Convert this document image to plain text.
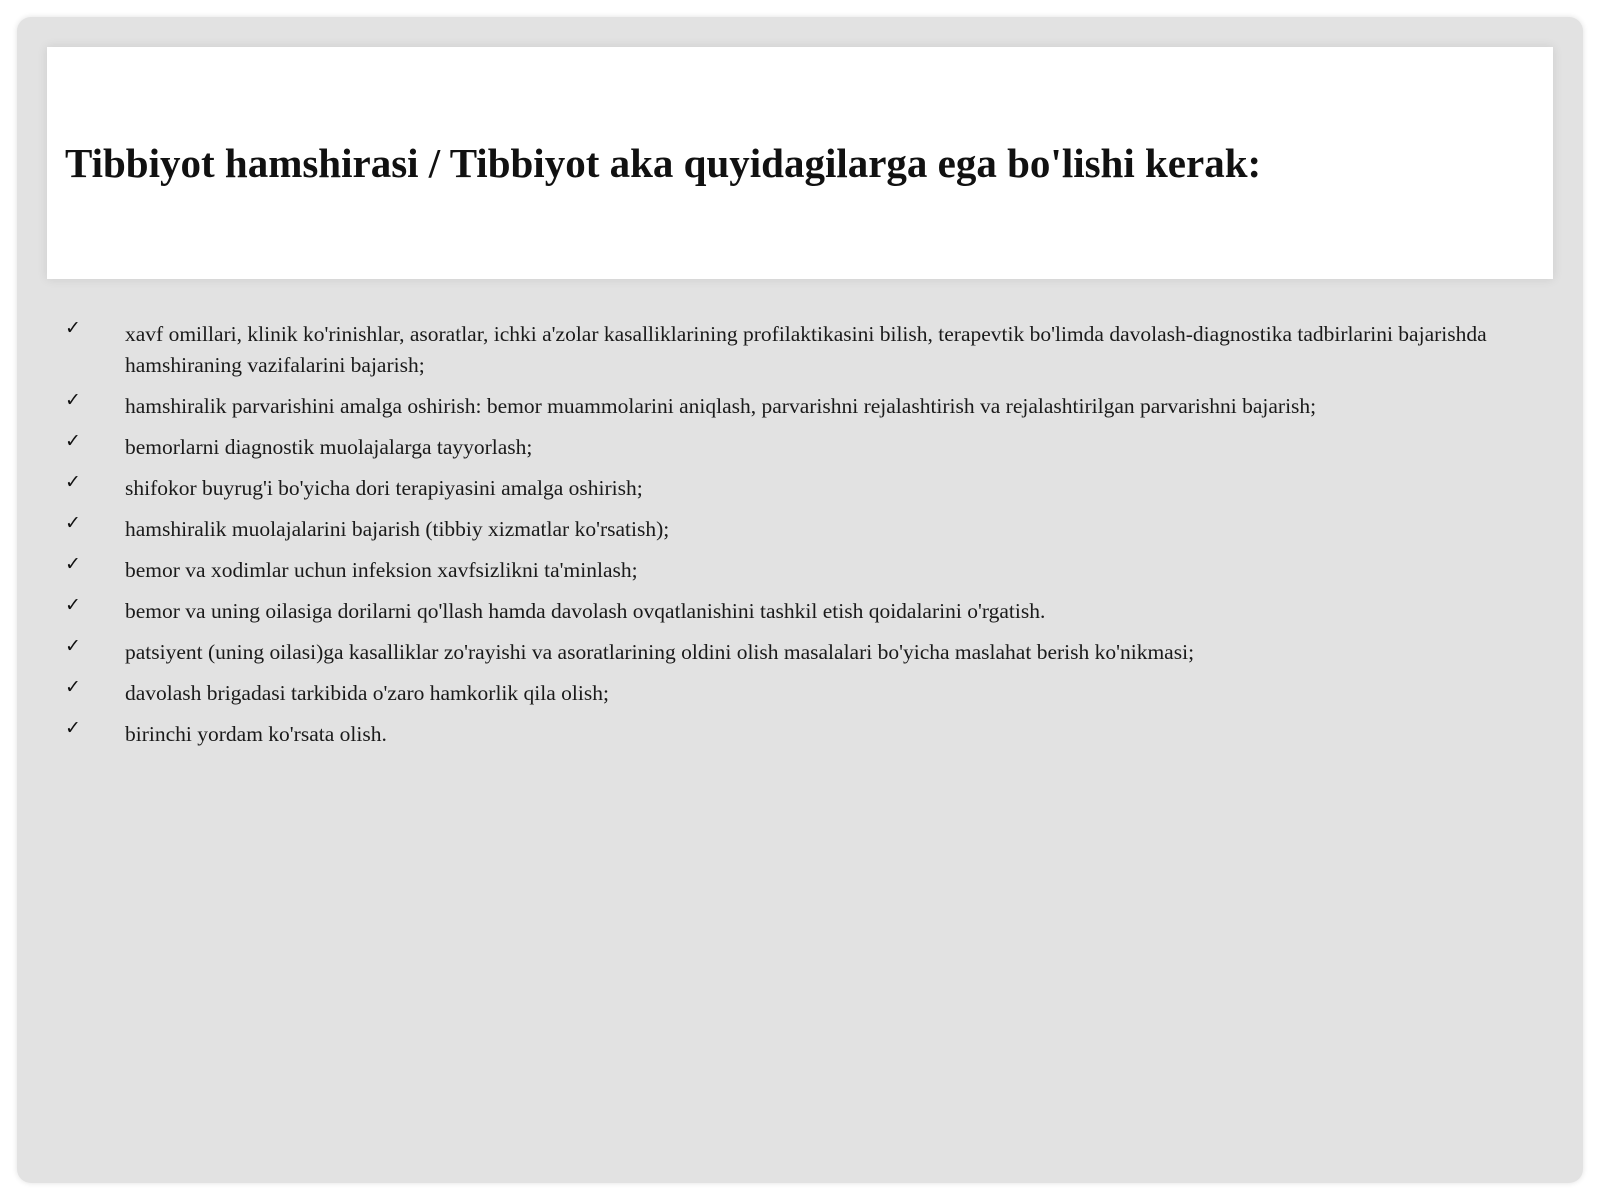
Tibbiyot hamshirasi / Tibbiyot aka quyidagilarga ega bo'lishi kerak:
✓ xavf omillari, klinik ko'rinishlar, asoratlar, ichki a'zolar kasalliklarining profilaktikasini bilish, terapevtik bo'limda davolash-diagnostika tadbirlarini bajarishda hamshiraning vazifalarini bajarish;
✓ hamshiralik parvarishini amalga oshirish: bemor muammolarini aniqlash, parvarishni rejalashtirish va rejalashtirilgan parvarishni bajarish;
✓ bemorlarni diagnostik muolajalarga tayyorlash;
✓ shifokor buyrug'i bo'yicha dori terapiyasini amalga oshirish;
✓ hamshiralik muolajalarini bajarish (tibbiy xizmatlar ko'rsatish);
✓ bemor va xodimlar uchun infeksion xavfsizlikni ta'minlash;
✓ bemor va uning oilasiga dorilarni qo'llash hamda davolash ovqatlanishini tashkil etish qoidalarini o'rgatish.
✓ patsiyent (uning oilasi)ga kasalliklar zo'rayishi va asoratlarining oldini olish masalalari bo'yicha maslahat berish ko'nikmasi;
✓ davolash brigadasi tarkibida o'zaro hamkorlik qila olish;
✓ birinchi yordam ko'rsata olish.
